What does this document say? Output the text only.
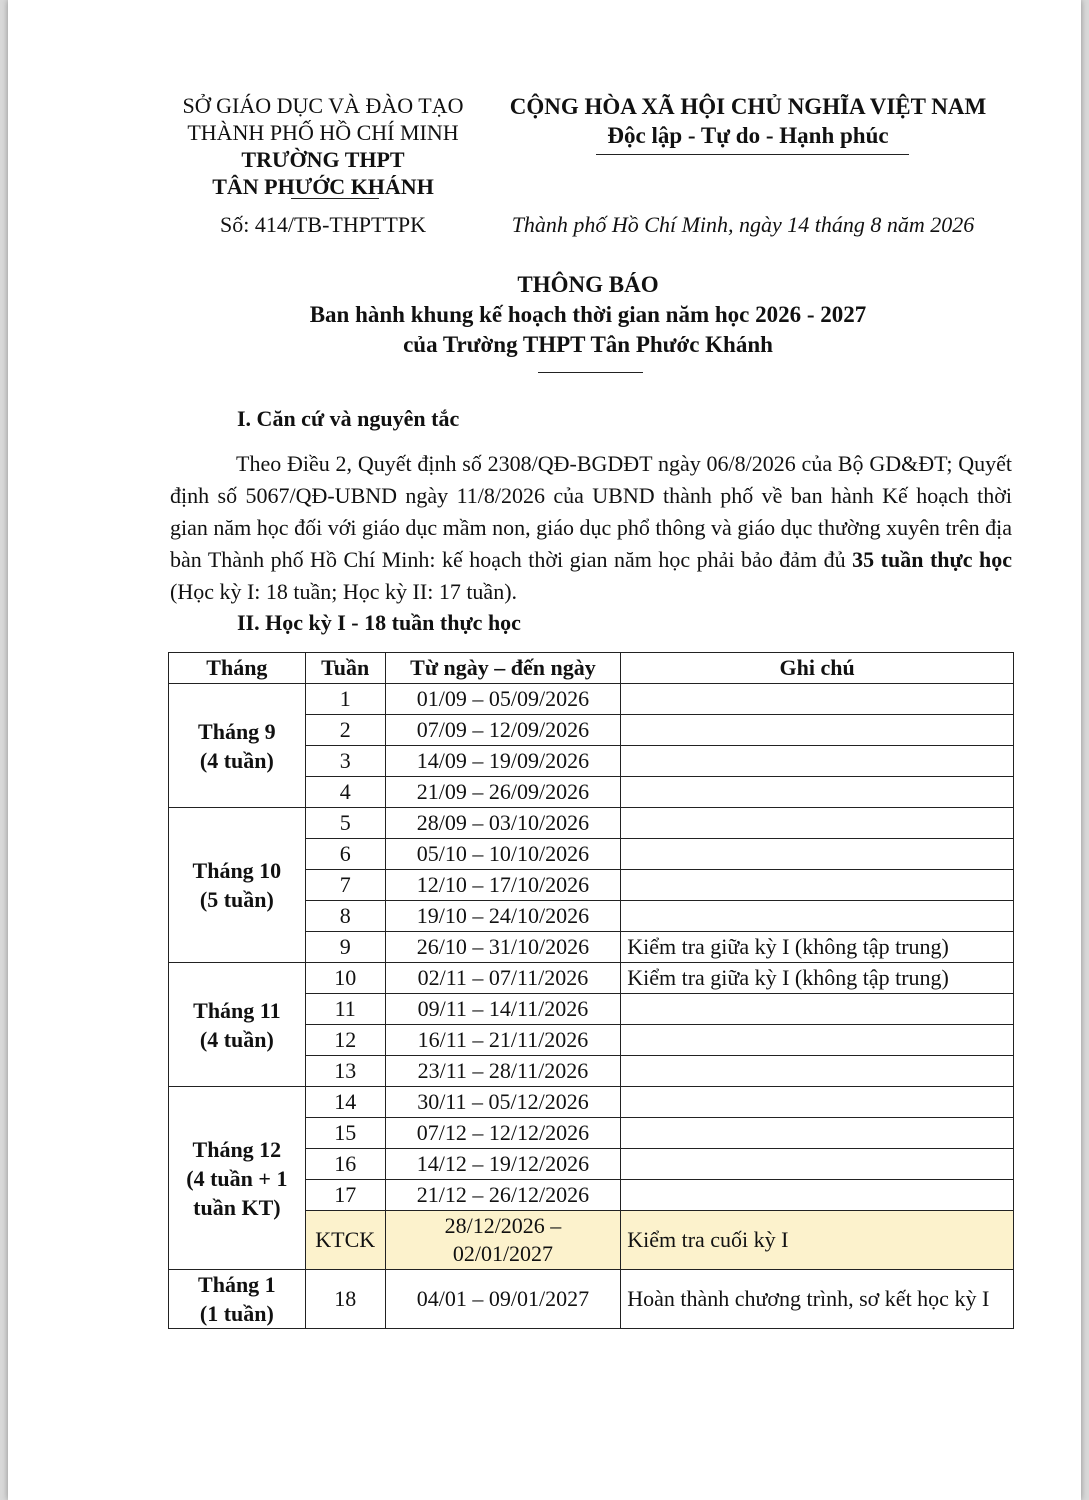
SỞ GIÁO DỤC VÀ ĐÀO TẠO
THÀNH PHỐ HỒ CHÍ MINH
TRƯỜNG THPT
TÂN PHƯỚC KHÁNH
CỘNG HÒA XÃ HỘI CHỦ NGHĨA VIỆT NAM
Độc lập - Tự do - Hạnh phúc
Số: 414/TB-THPTTPK	Thành phố Hồ Chí Minh, ngày 14 tháng 8 năm 2026
THÔNG BÁO
Ban hành khung kế hoạch thời gian năm học 2026 - 2027
của Trường THPT Tân Phước Khánh
I. Căn cứ và nguyên tắc
Theo Điều 2, Quyết định số 2308/QĐ-BGDĐT ngày 06/8/2026 của Bộ GD&ĐT; Quyết định số 5067/QĐ-UBND ngày 11/8/2026 của UBND thành phố về ban hành Kế hoạch thời gian năm học đối với giáo dục mầm non, giáo dục phổ thông và giáo dục thường xuyên trên địa bàn Thành phố Hồ Chí Minh: kế hoạch thời gian năm học phải bảo đảm đủ 35 tuần thực học (Học kỳ I: 18 tuần; Học kỳ II: 17 tuần).
II. Học kỳ I - 18 tuần thực học
Tháng	Tuần	Từ ngày – đến ngày	Ghi chú

Tháng 9
(4 tuần)	1	01/09 – 05/09/2026	
	2	07/09 – 12/09/2026	
	3	14/09 – 19/09/2026	
	4	21/09 – 26/09/2026	

Tháng 10
(5 tuần)	5	28/09 – 03/10/2026	
	6	05/10 – 10/10/2026	
	7	12/10 – 17/10/2026	
	8	19/10 – 24/10/2026	
	9	26/10 – 31/10/2026	Kiểm tra giữa kỳ I (không tập trung)

Tháng 11
(4 tuần)	10	02/11 – 07/11/2026	Kiểm tra giữa kỳ I (không tập trung)
	11	09/11 – 14/11/2026	
	12	16/11 – 21/11/2026	
	13	23/11 – 28/11/2026	

Tháng 12
(4 tuần + 1
tuần KT)	14	30/11 – 05/12/2026	
	15	07/12 – 12/12/2026	
	16	14/12 – 19/12/2026	
	17	21/12 – 26/12/2026	
	KTCK	28/12/2026 –
02/01/2027	Kiểm tra cuối kỳ I

Tháng 1
(1 tuần)	18	04/01 – 09/01/2027	Hoàn thành chương trình, sơ kết học kỳ I
